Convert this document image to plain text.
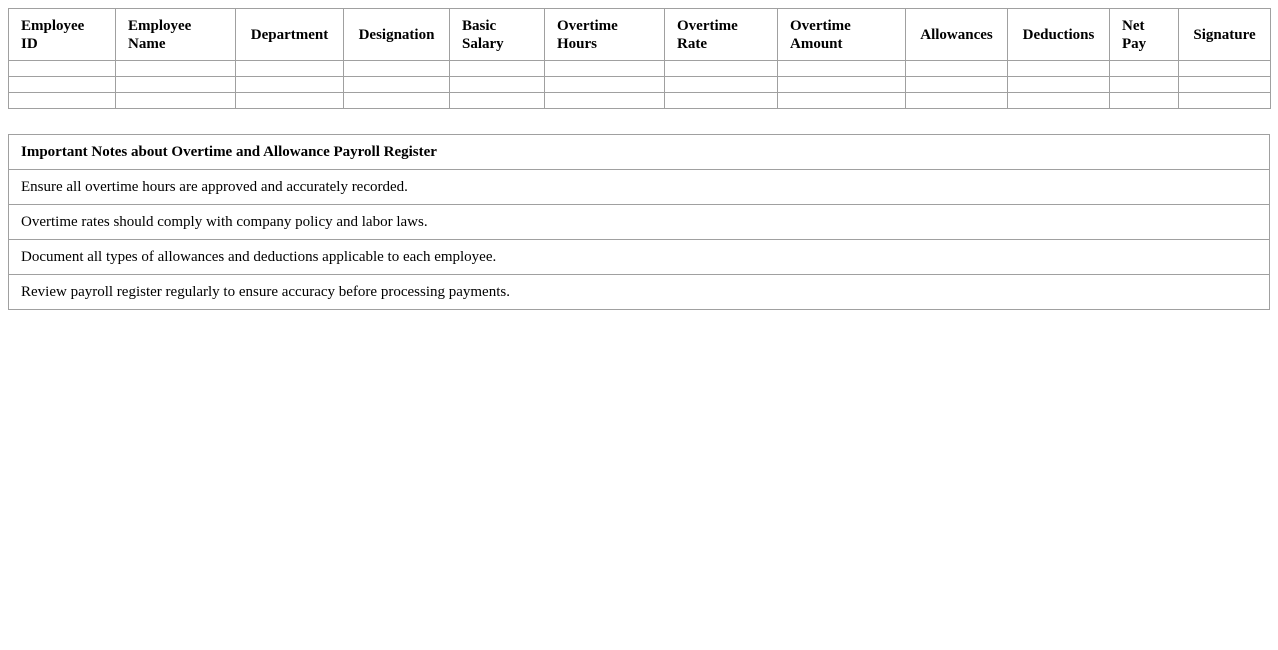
Employee ID	Employee Name	Department	Designation	Basic Salary	Overtime Hours	Overtime Rate	Overtime Amount	Allowances	Deductions	Net Pay	Signature

Important Notes about Overtime and Allowance Payroll Register
Ensure all overtime hours are approved and accurately recorded.
Overtime rates should comply with company policy and labor laws.
Document all types of allowances and deductions applicable to each employee.
Review payroll register regularly to ensure accuracy before processing payments.
